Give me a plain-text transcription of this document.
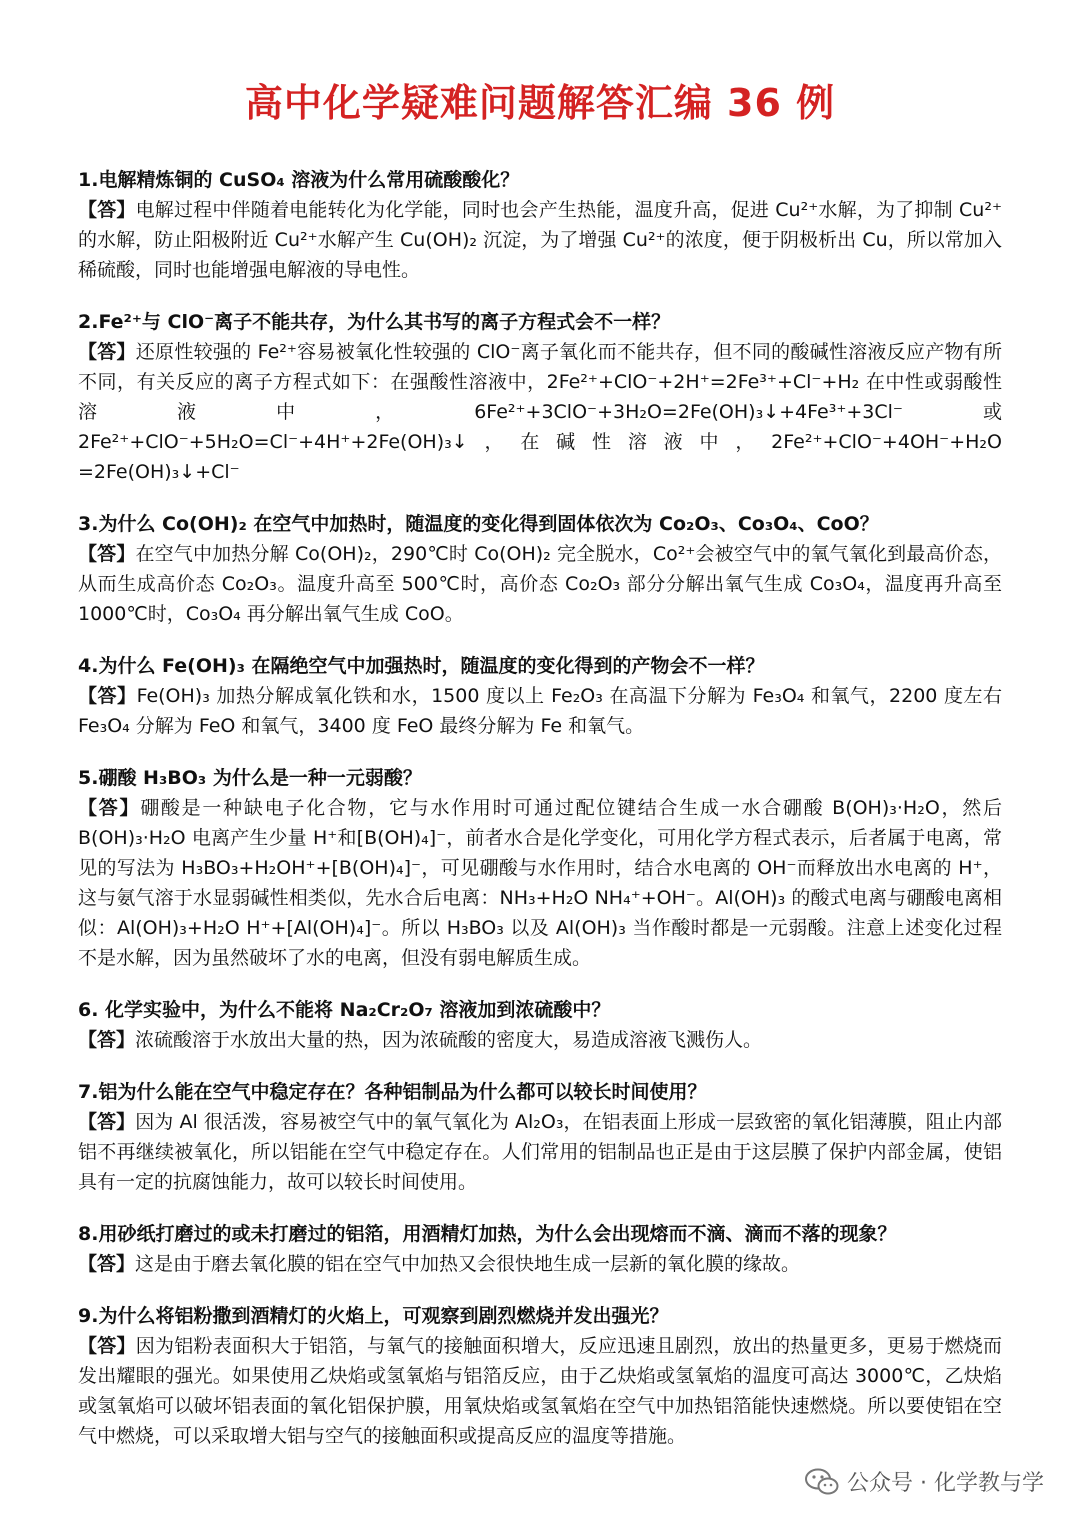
高中化学疑难问题解答汇编 36 例

1.电解精炼铜的 CuSO₄ 溶液为什么常用硫酸酸化？

【答】电解过程中伴随着电能转化为化学能，同时也会产生热能，温度升高，促进 Cu²⁺水解，为了抑制 Cu²⁺的水解，防止阳极附近 Cu²⁺水解产生 Cu(OH)₂ 沉淀，为了增强 Cu²⁺的浓度，便于阴极析出 Cu，所以常加入稀硫酸，同时也能增强电解液的导电性。

2.Fe²⁺与 ClO⁻离子不能共存，为什么其书写的离子方程式会不一样？

【答】还原性较强的 Fe²⁺容易被氧化性较强的 ClO⁻离子氧化而不能共存，但不同的酸碱性溶液反应产物有所不同，有关反应的离子方程式如下：在强酸性溶液中，2Fe²⁺+ClO⁻+2H⁺=2Fe³⁺+Cl⁻+H₂ 在中性或弱酸性溶液中，6Fe²⁺+3ClO⁻+3H₂O=2Fe(OH)₃↓+4Fe³⁺+3Cl⁻或 2Fe²⁺+ClO⁻+5H₂O=Cl⁻+4H⁺+2Fe(OH)₃↓，在碱性溶液中，2Fe²⁺+ClO⁻+4OH⁻+H₂O =2Fe(OH)₃↓+Cl⁻

3.为什么 Co(OH)₂ 在空气中加热时，随温度的变化得到固体依次为 Co₂O₃、Co₃O₄、CoO？

【答】在空气中加热分解 Co(OH)₂，290℃时 Co(OH)₂ 完全脱水，Co²⁺会被空气中的氧气氧化到最高价态，从而生成高价态 Co₂O₃。温度升高至 500℃时，高价态 Co₂O₃ 部分分解出氧气生成 Co₃O₄，温度再升高至 1000℃时，Co₃O₄ 再分解出氧气生成 CoO。

4.为什么 Fe(OH)₃ 在隔绝空气中加强热时，随温度的变化得到的产物会不一样？

【答】Fe(OH)₃ 加热分解成氧化铁和水，1500 度以上 Fe₂O₃ 在高温下分解为 Fe₃O₄ 和氧气，2200 度左右 Fe₃O₄ 分解为 FeO 和氧气，3400 度 FeO 最终分解为 Fe 和氧气。

5.硼酸 H₃BO₃ 为什么是一种一元弱酸？

【答】硼酸是一种缺电子化合物，它与水作用时可通过配位键结合生成一水合硼酸 B(OH)₃·H₂O，然后 B(OH)₃·H₂O 电离产生少量 H⁺和[B(OH)₄]⁻，前者水合是化学变化，可用化学方程式表示，后者属于电离，常见的写法为 H₃BO₃+H₂OH⁺+[B(OH)₄]⁻，可见硼酸与水作用时，结合水电离的 OH⁻而释放出水电离的 H⁺，这与氨气溶于水显弱碱性相类似，先水合后电离：NH₃+H₂O NH₄⁺+OH⁻。Al(OH)₃ 的酸式电离与硼酸电离相似：Al(OH)₃+H₂O H⁺+[Al(OH)₄]⁻。所以 H₃BO₃ 以及 Al(OH)₃ 当作酸时都是一元弱酸。注意上述变化过程不是水解，因为虽然破坏了水的电离，但没有弱电解质生成。

6. 化学实验中，为什么不能将 Na₂Cr₂O₇ 溶液加到浓硫酸中？

【答】浓硫酸溶于水放出大量的热，因为浓硫酸的密度大，易造成溶液飞溅伤人。

7.铝为什么能在空气中稳定存在？各种铝制品为什么都可以较长时间使用？

【答】因为 Al 很活泼，容易被空气中的氧气氧化为 Al₂O₃，在铝表面上形成一层致密的氧化铝薄膜，阻止内部铝不再继续被氧化，所以铝能在空气中稳定存在。人们常用的铝制品也正是由于这层膜了保护内部金属，使铝具有一定的抗腐蚀能力，故可以较长时间使用。

8.用砂纸打磨过的或未打磨过的铝箔，用酒精灯加热，为什么会出现熔而不滴、滴而不落的现象？

【答】这是由于磨去氧化膜的铝在空气中加热又会很快地生成一层新的氧化膜的缘故。

9.为什么将铝粉撒到酒精灯的火焰上，可观察到剧烈燃烧并发出强光？

【答】因为铝粉表面积大于铝箔，与氧气的接触面积增大，反应迅速且剧烈，放出的热量更多，更易于燃烧而发出耀眼的强光。如果使用乙炔焰或氢氧焰与铝箔反应，由于乙炔焰或氢氧焰的温度可高达 3000℃，乙炔焰或氢氧焰可以破坏铝表面的氧化铝保护膜，用氧炔焰或氢氧焰在空气中加热铝箔能快速燃烧。所以要使铝在空气中燃烧，可以采取增大铝与空气的接触面积或提高反应的温度等措施。

公众号 · 化学教与学
